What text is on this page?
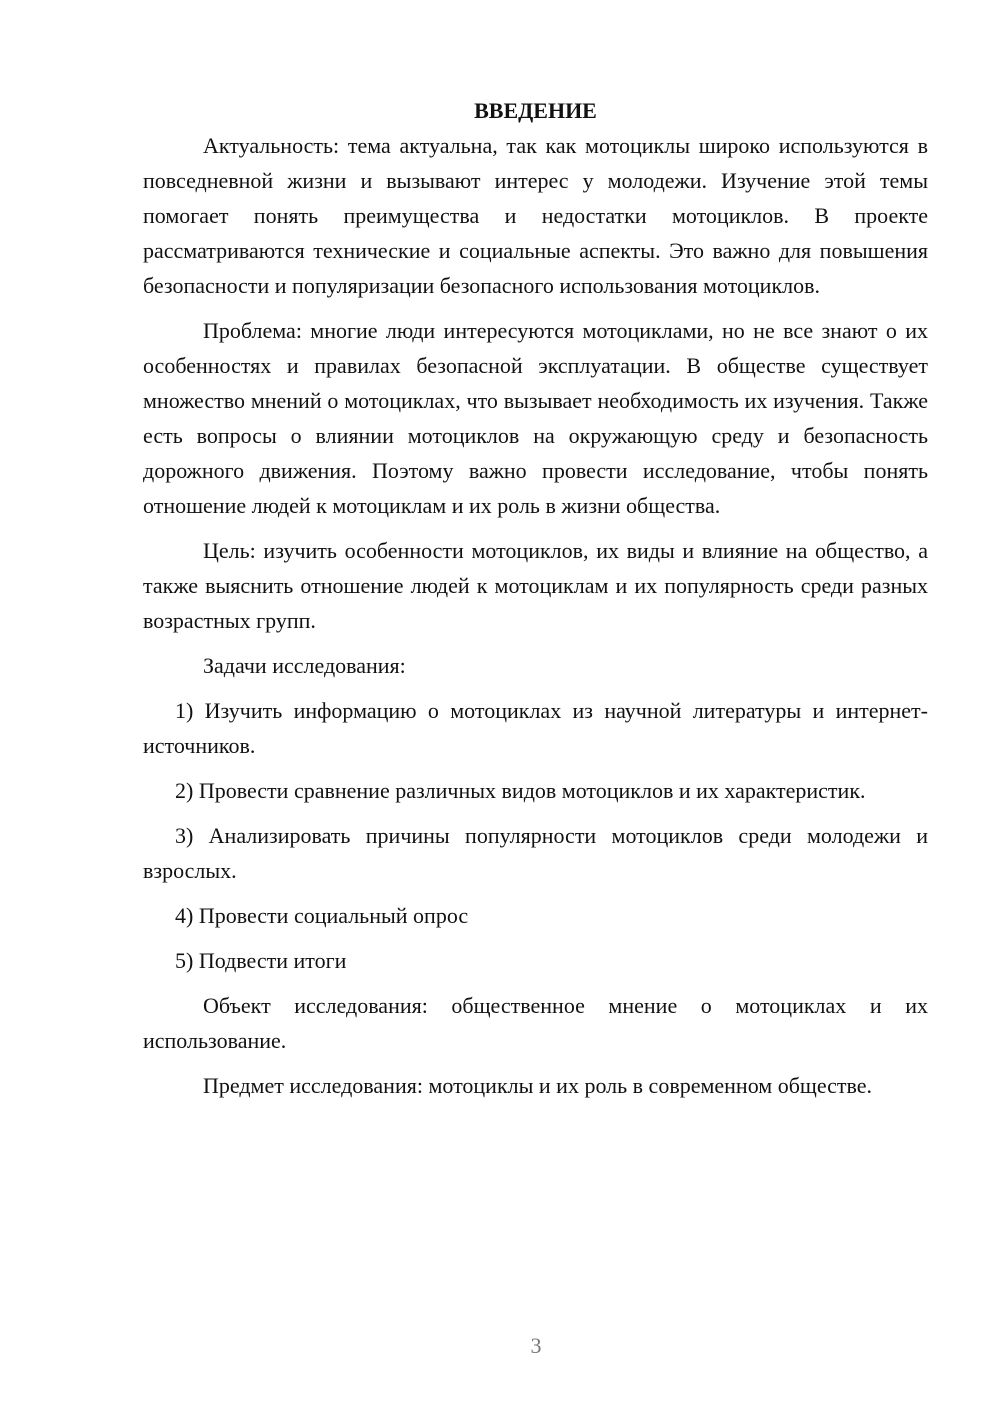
ВВЕДЕНИЕ

Актуальность: тема актуальна, так как мотоциклы широко используются в повседневной жизни и вызывают интерес у молодежи. Изучение этой темы помогает понять преимущества и недостатки мотоциклов. В проекте рассматриваются технические и социальные аспекты. Это важно для повышения безопасности и популяризации безопасного использования мотоциклов.

Проблема: многие люди интересуются мотоциклами, но не все знают о их особенностях и правилах безопасной эксплуатации. В обществе существует множество мнений о мотоциклах, что вызывает необходимость их изучения. Также есть вопросы о влиянии мотоциклов на окружающую среду и безопасность дорожного движения. Поэтому важно провести исследование, чтобы понять отношение людей к мотоциклам и их роль в жизни общества.

Цель: изучить особенности мотоциклов, их виды и влияние на общество, а также выяснить отношение людей к мотоциклам и их популярность среди разных возрастных групп.

Задачи исследования:

1) Изучить информацию о мотоциклах из научной литературы и интернет-источников.

2) Провести сравнение различных видов мотоциклов и их характеристик.

3) Анализировать причины популярности мотоциклов среди молодежи и взрослых.

4) Провести социальный опрос

5) Подвести итоги

Объект исследования: общественное мнение о мотоциклах и их использование.

Предмет исследования: мотоциклы и их роль в современном обществе.

3
